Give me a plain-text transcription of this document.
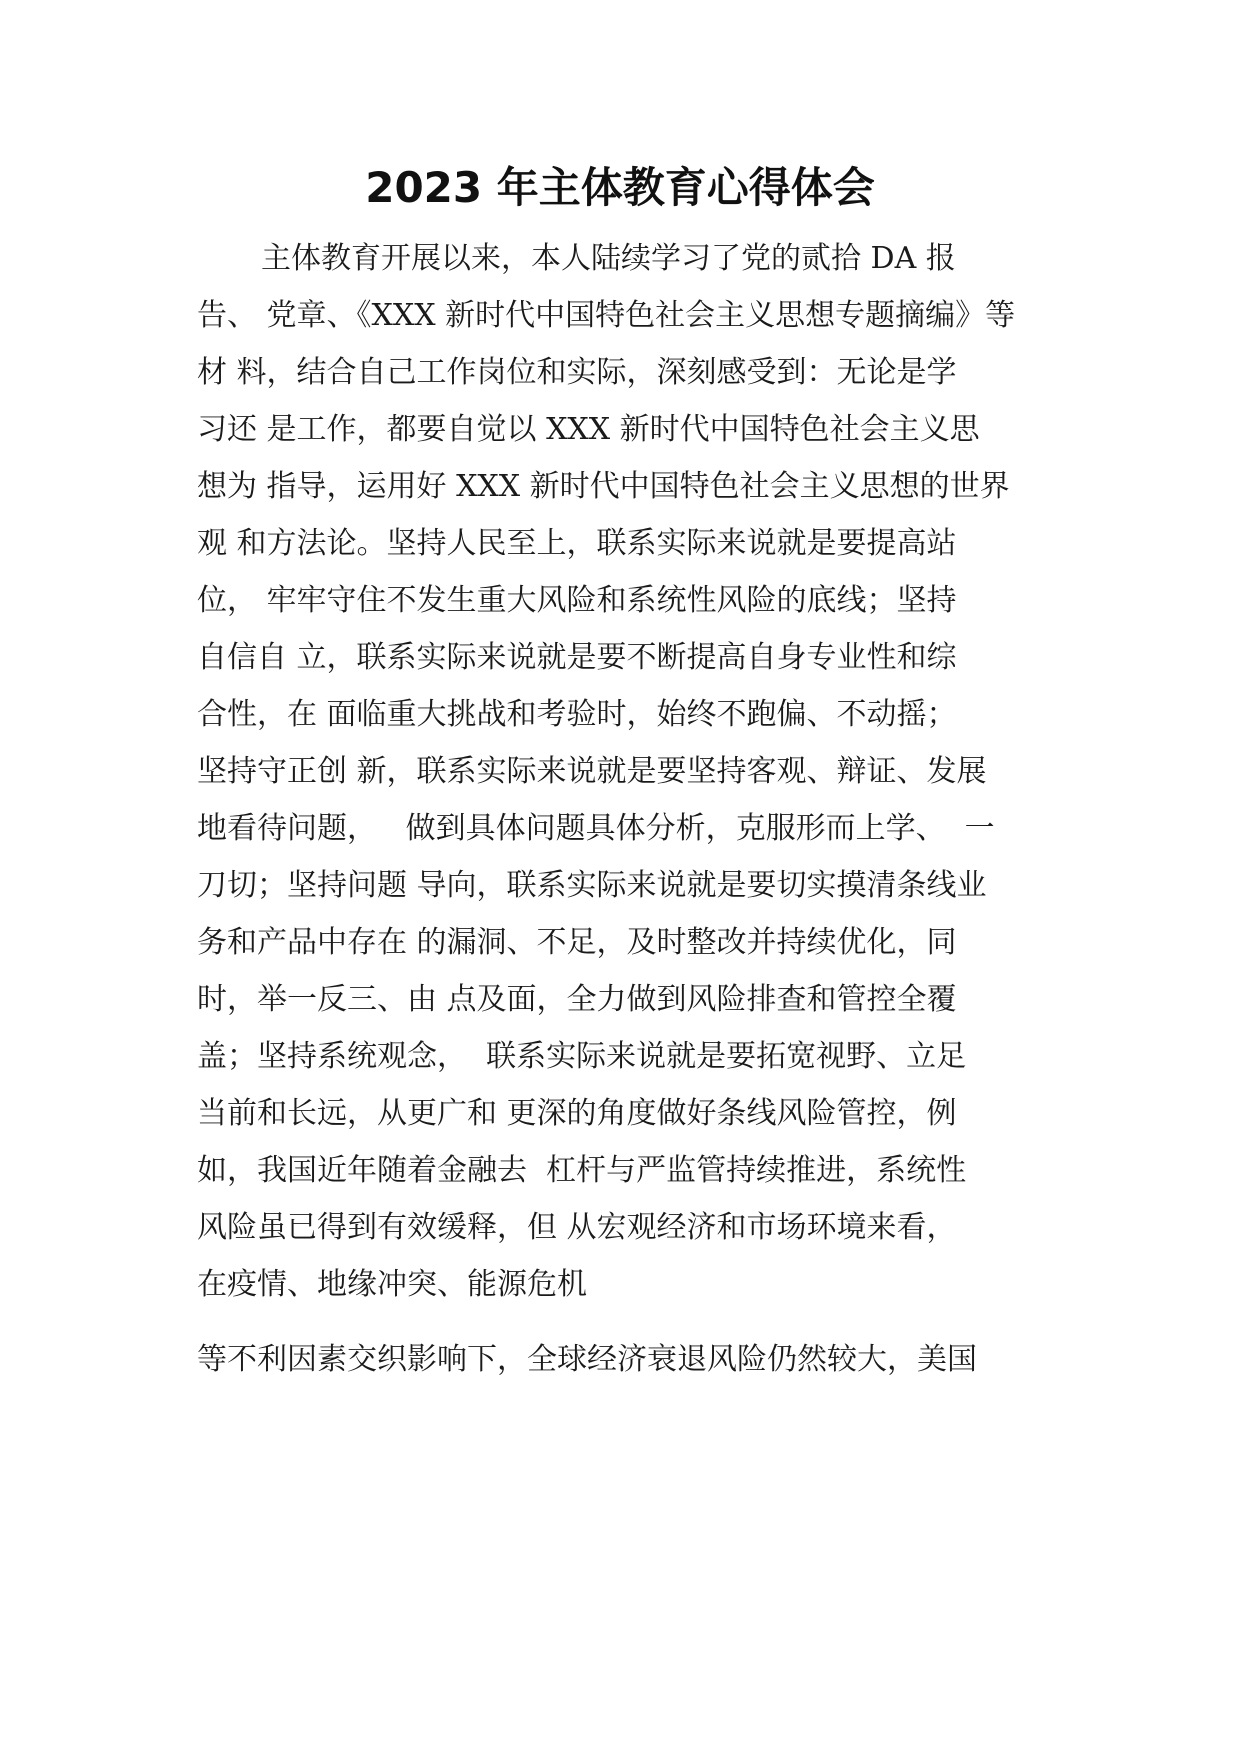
2023 年主体教育心得体会

主体教育开展以来，本人陆续学习了党的贰拾 DA 报

告、 党章、《XXX 新时代中国特色社会主义思想专题摘编》等

材 料，结合自己工作岗位和实际，深刻感受到：无论是学

习还 是工作，都要自觉以 XXX 新时代中国特色社会主义思

想为 指导，运用好 XXX 新时代中国特色社会主义思想的世界

观 和方法论。坚持人民至上，联系实际来说就是要提高站

位， 牢牢守住不发生重大风险和系统性风险的底线；坚持

自信自 立，联系实际来说就是要不断提高自身专业性和综

合性，在 面临重大挑战和考验时，始终不跑偏、不动摇；

坚持守正创 新，联系实际来说就是要坚持客观、辩证、发展

地看待问题，   做到具体问题具体分析，克服形而上学、  一

刀切；坚持问题 导向，联系实际来说就是要切实摸清条线业

务和产品中存在 的漏洞、不足，及时整改并持续优化，同

时，举一反三、由 点及面，全力做到风险排查和管控全覆

盖；坚持系统观念，  联系实际来说就是要拓宽视野、立足

当前和长远，从更广和 更深的角度做好条线风险管控，例

如，我国近年随着金融去  杠杆与严监管持续推进，系统性

风险虽已得到有效缓释，但 从宏观经济和市场环境来看，

在疫情、地缘冲突、能源危机

等不利因素交织影响下，全球经济衰退风险仍然较大，美国
